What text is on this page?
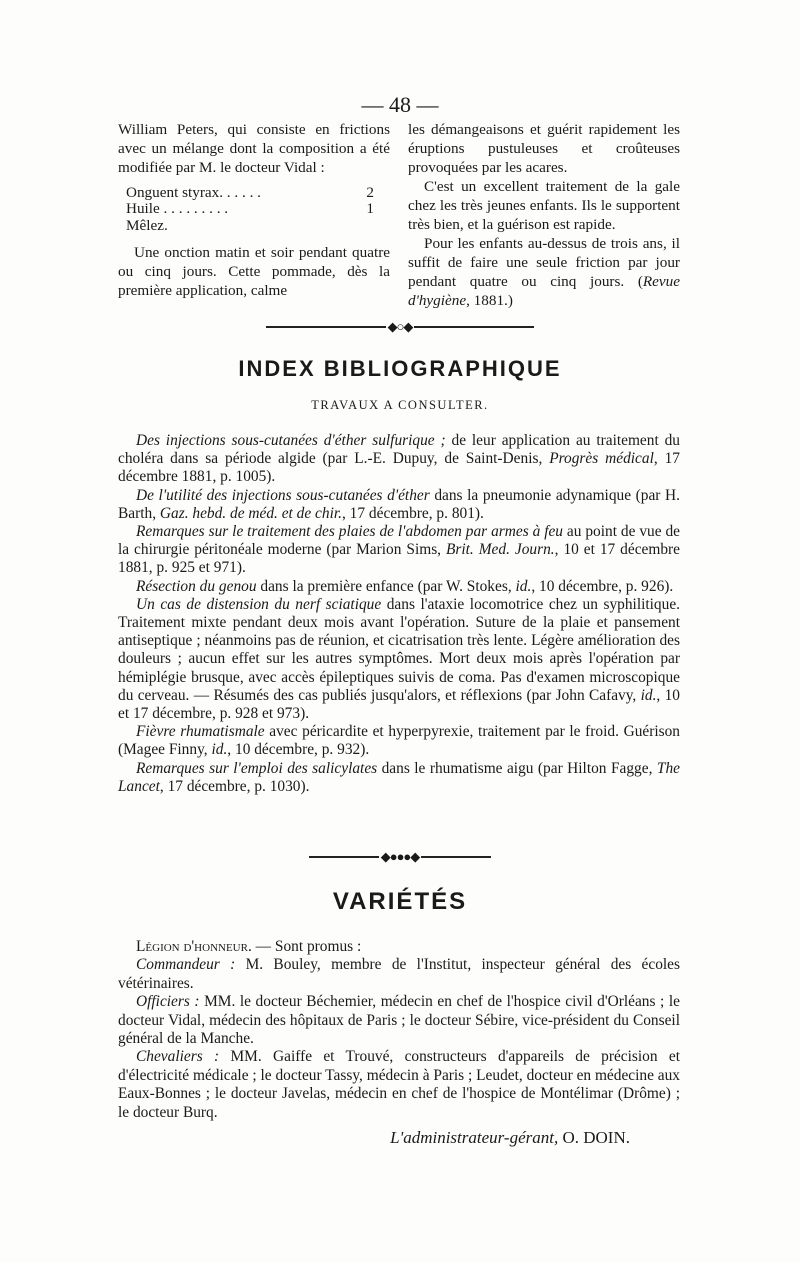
— 48 —

William Peters, qui consiste en frictions avec un mélange dont la composition a été modifiée par M. le docteur Vidal :

Onguent styrax. . . . . .	2
Huile . . . . . . . . .	1
Mêlez.

Une onction matin et soir pendant quatre ou cinq jours. Cette pommade, dès la première application, calme

les démangeaisons et guérit rapidement les éruptions pustuleuses et croûteuses provoquées par les acares.

C'est un excellent traitement de la gale chez les très jeunes enfants. Ils le supportent très bien, et la guérison est rapide.

Pour les enfants au-dessus de trois ans, il suffit de faire une seule friction par jour pendant quatre ou cinq jours. (Revue d'hygiène, 1881.)

◆○◆
INDEX BIBLIOGRAPHIQUE
TRAVAUX A CONSULTER.

Des injections sous-cutanées d'éther sulfurique ; de leur application au traitement du choléra dans sa période algide (par L.-E. Dupuy, de Saint-Denis, Progrès médical, 17 décembre 1881, p. 1005).

De l'utilité des injections sous-cutanées d'éther dans la pneumonie adynamique (par H. Barth, Gaz. hebd. de méd. et de chir., 17 décembre, p. 801).

Remarques sur le traitement des plaies de l'abdomen par armes à feu au point de vue de la chirurgie péritonéale moderne (par Marion Sims, Brit. Med. Journ., 10 et 17 décembre 1881, p. 925 et 971).

Résection du genou dans la première enfance (par W. Stokes, id., 10 décembre, p. 926).

Un cas de distension du nerf sciatique dans l'ataxie locomotrice chez un syphilitique. Traitement mixte pendant deux mois avant l'opération. Suture de la plaie et pansement antiseptique ; néanmoins pas de réunion, et cicatrisation très lente. Légère amélioration des douleurs ; aucun effet sur les autres symptômes. Mort deux mois après l'opération par hémiplégie brusque, avec accès épileptiques suivis de coma. Pas d'examen microscopique du cerveau. — Résumés des cas publiés jusqu'alors, et réflexions (par John Cafavy, id., 10 et 17 décembre, p. 928 et 973).

Fièvre rhumatismale avec péricardite et hyperpyrexie, traitement par le froid. Guérison (Magee Finny, id., 10 décembre, p. 932).

Remarques sur l'emploi des salicylates dans le rhumatisme aigu (par Hilton Fagge, The Lancet, 17 décembre, p. 1030).

◆●●●◆
VARIÉTÉS

Légion d'honneur. — Sont promus :

Commandeur : M. Bouley, membre de l'Institut, inspecteur général des écoles vétérinaires.

Officiers : MM. le docteur Béchemier, médecin en chef de l'hospice civil d'Orléans ; le docteur Vidal, médecin des hôpitaux de Paris ; le docteur Sébire, vice-président du Conseil général de la Manche.

Chevaliers : MM. Gaiffe et Trouvé, constructeurs d'appareils de précision et d'électricité médicale ; le docteur Tassy, médecin à Paris ; Leudet, docteur en médecine aux Eaux-Bonnes ; le docteur Javelas, médecin en chef de l'hospice de Montélimar (Drôme) ; le docteur Burq.

L'administrateur-gérant, O. DOIN.
